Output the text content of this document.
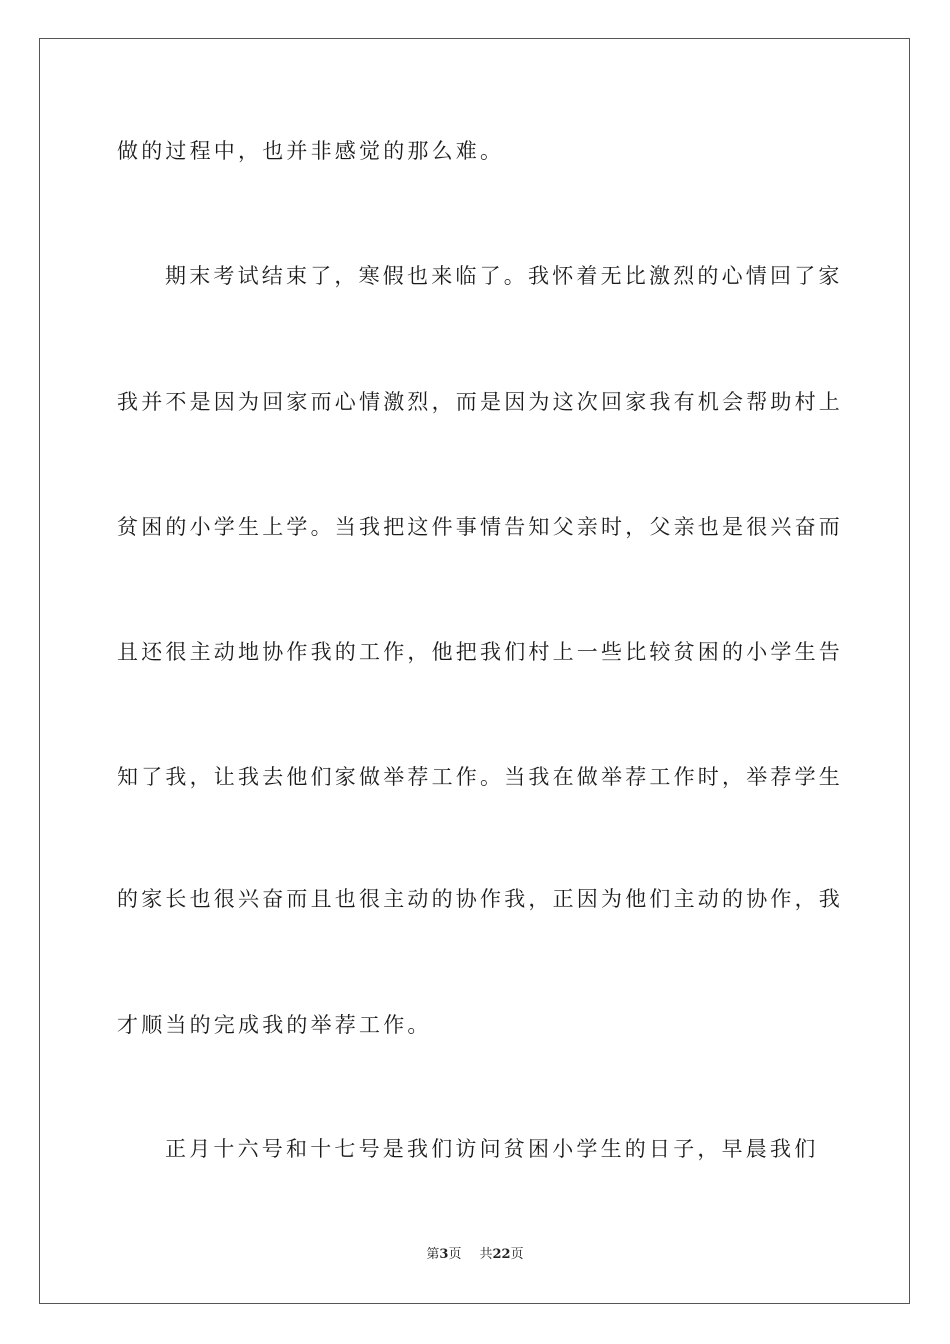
做的过程中，也并非感觉的那么难。
期末考试结束了，寒假也来临了。我怀着无比激烈的心情回了家
我并不是因为回家而心情激烈，而是因为这次回家我有机会帮助村上
贫困的小学生上学。当我把这件事情告知父亲时，父亲也是很兴奋而
且还很主动地协作我的工作，他把我们村上一些比较贫困的小学生告
知了我，让我去他们家做举荐工作。当我在做举荐工作时，举荐学生
的家长也很兴奋而且也很主动的协作我，正因为他们主动的协作，我
才顺当的完成我的举荐工作。
正月十六号和十七号是我们访问贫困小学生的日子，早晨我们
第3页 共22页
